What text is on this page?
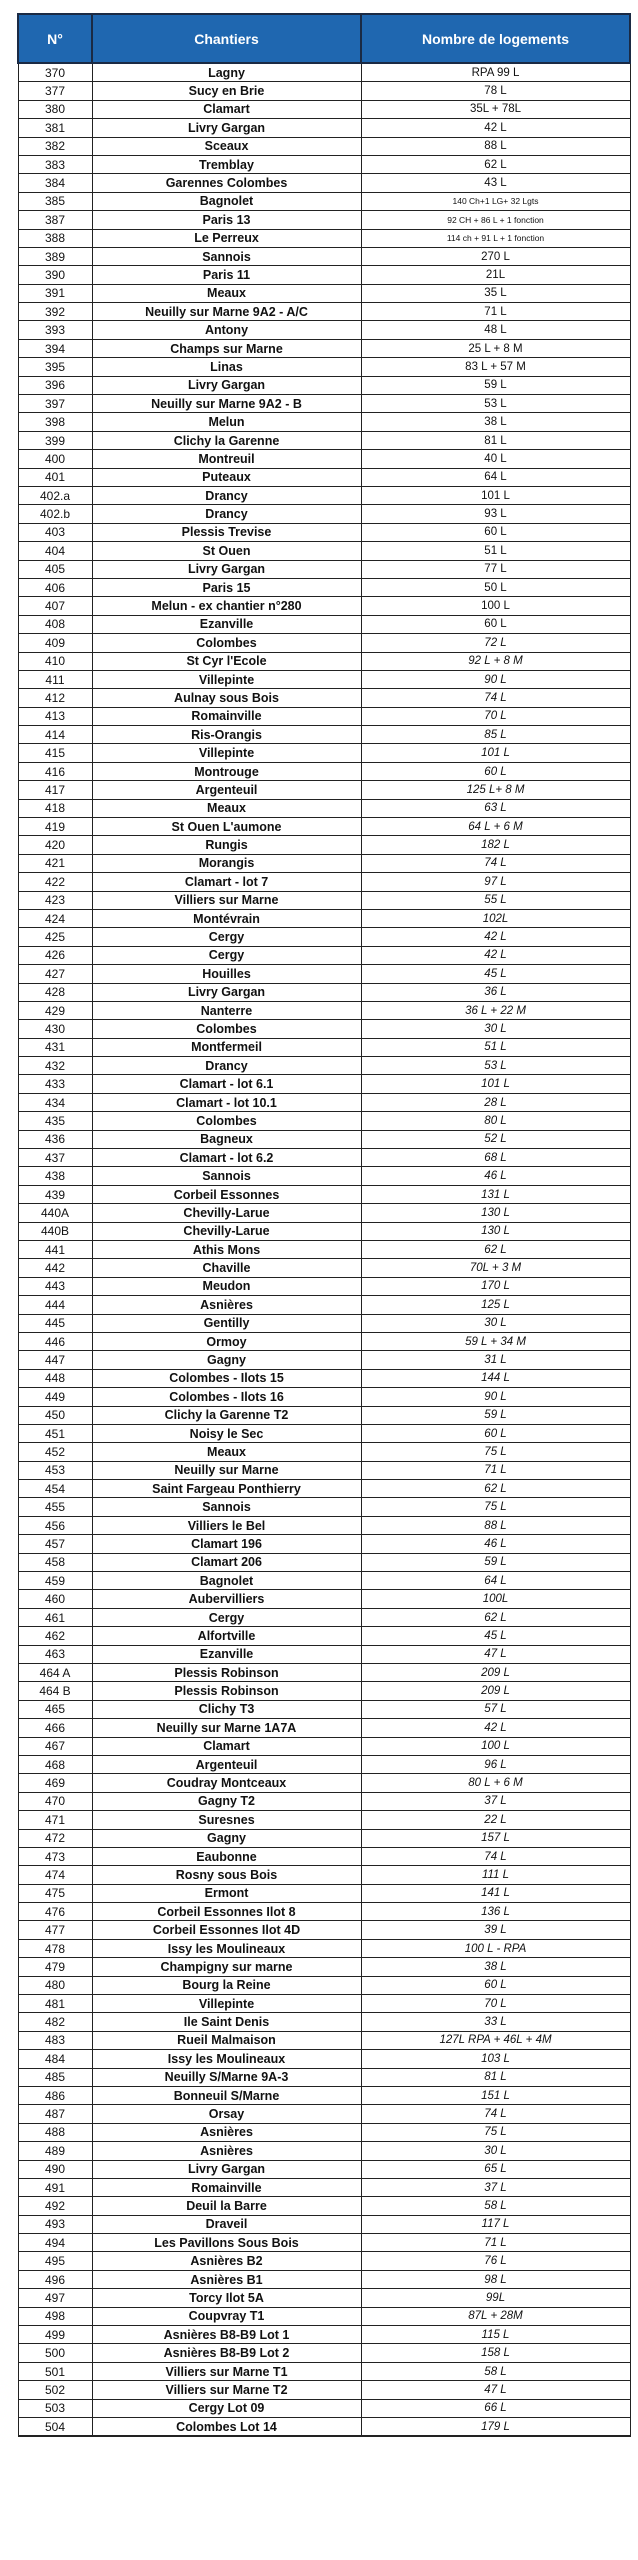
N°	Chantiers	Nombre de logements
370	Lagny	RPA 99 L
377	Sucy en Brie	78 L
380	Clamart	35L + 78L
381	Livry Gargan	42 L
382	Sceaux	88 L
383	Tremblay	62 L
384	Garennes Colombes	43 L
385	Bagnolet	140 Ch+1 LG+ 32 Lgts
387	Paris 13	92 CH + 86 L + 1 fonction
388	Le Perreux	114 ch + 91 L + 1 fonction
389	Sannois	270 L
390	Paris 11	21L
391	Meaux	35 L
392	Neuilly sur Marne 9A2 - A/C	71 L
393	Antony	48 L
394	Champs sur Marne	25 L + 8 M
395	Linas	83 L + 57 M
396	Livry Gargan	59 L
397	Neuilly sur Marne 9A2 - B	53 L
398	Melun	38 L
399	Clichy la Garenne	81 L
400	Montreuil	40 L
401	Puteaux	64 L
402.a	Drancy	101 L
402.b	Drancy	93 L
403	Plessis Trevise	60 L
404	St Ouen	51 L
405	Livry Gargan	77 L
406	Paris 15	50 L
407	Melun - ex chantier n°280	100 L
408	Ezanville	60 L
409	Colombes	72 L
410	St Cyr l'Ecole	92 L + 8 M
411	Villepinte	90 L
412	Aulnay sous Bois	74 L
413	Romainville	70 L
414	Ris-Orangis	85 L
415	Villepinte	101 L
416	Montrouge	60 L
417	Argenteuil	125 L+ 8 M
418	Meaux	63 L
419	St Ouen L'aumone	64 L + 6 M
420	Rungis	182 L
421	Morangis	74 L
422	Clamart - lot 7	97 L
423	Villiers sur Marne	55 L
424	Montévrain	102L
425	Cergy	42 L
426	Cergy	42 L
427	Houilles	45 L
428	Livry Gargan	36 L
429	Nanterre	36 L + 22 M
430	Colombes	30 L
431	Montfermeil	51 L
432	Drancy	53 L
433	Clamart - lot 6.1	101 L
434	Clamart - lot 10.1	28 L
435	Colombes	80 L
436	Bagneux	52 L
437	Clamart - lot 6.2	68 L
438	Sannois	46 L
439	Corbeil Essonnes	131 L
440A	Chevilly-Larue	130 L
440B	Chevilly-Larue	130 L
441	Athis Mons	62 L
442	Chaville	70L + 3 M
443	Meudon	170 L
444	Asnières	125 L
445	Gentilly	30 L
446	Ormoy	59 L + 34 M
447	Gagny	31 L
448	Colombes - Ilots 15	144 L
449	Colombes - Ilots 16	90 L
450	Clichy la Garenne T2	59 L
451	Noisy le Sec	60 L
452	Meaux	75 L
453	Neuilly sur Marne	71 L
454	Saint Fargeau Ponthierry	62 L
455	Sannois	75 L
456	Villiers le Bel	88 L
457	Clamart 196	46 L
458	Clamart 206	59 L
459	Bagnolet	64 L
460	Aubervilliers	100L
461	Cergy	62 L
462	Alfortville	45 L
463	Ezanville	47 L
464 A	Plessis Robinson	209 L
464 B	Plessis Robinson	209 L
465	Clichy T3	57 L
466	Neuilly sur Marne 1A7A	42 L
467	Clamart	100 L
468	Argenteuil	96 L
469	Coudray Montceaux	80 L + 6 M
470	Gagny T2	37 L
471	Suresnes	22 L
472	Gagny	157 L
473	Eaubonne	74 L
474	Rosny sous Bois	111 L
475	Ermont	141 L
476	Corbeil Essonnes Ilot 8	136 L
477	Corbeil Essonnes Ilot 4D	39 L
478	Issy les Moulineaux	100 L - RPA
479	Champigny sur marne	38 L
480	Bourg la Reine	60 L
481	Villepinte	70 L
482	Ile Saint Denis	33 L
483	Rueil Malmaison	127L RPA + 46L + 4M
484	Issy les Moulineaux	103 L
485	Neuilly S/Marne 9A-3	81 L
486	Bonneuil S/Marne	151 L
487	Orsay	74 L
488	Asnières	75 L
489	Asnières	30 L
490	Livry Gargan	65 L
491	Romainville	37 L
492	Deuil la Barre	58 L
493	Draveil	117 L
494	Les Pavillons Sous Bois	71 L
495	Asnières B2	76 L
496	Asnières B1	98 L
497	Torcy Ilot 5A	99L
498	Coupvray T1	87L + 28M
499	Asnières B8-B9 Lot 1	115 L
500	Asnières B8-B9 Lot 2	158 L
501	Villiers sur Marne T1	58 L
502	Villiers sur Marne T2	47 L
503	Cergy Lot 09	66 L
504	Colombes Lot 14	179 L
